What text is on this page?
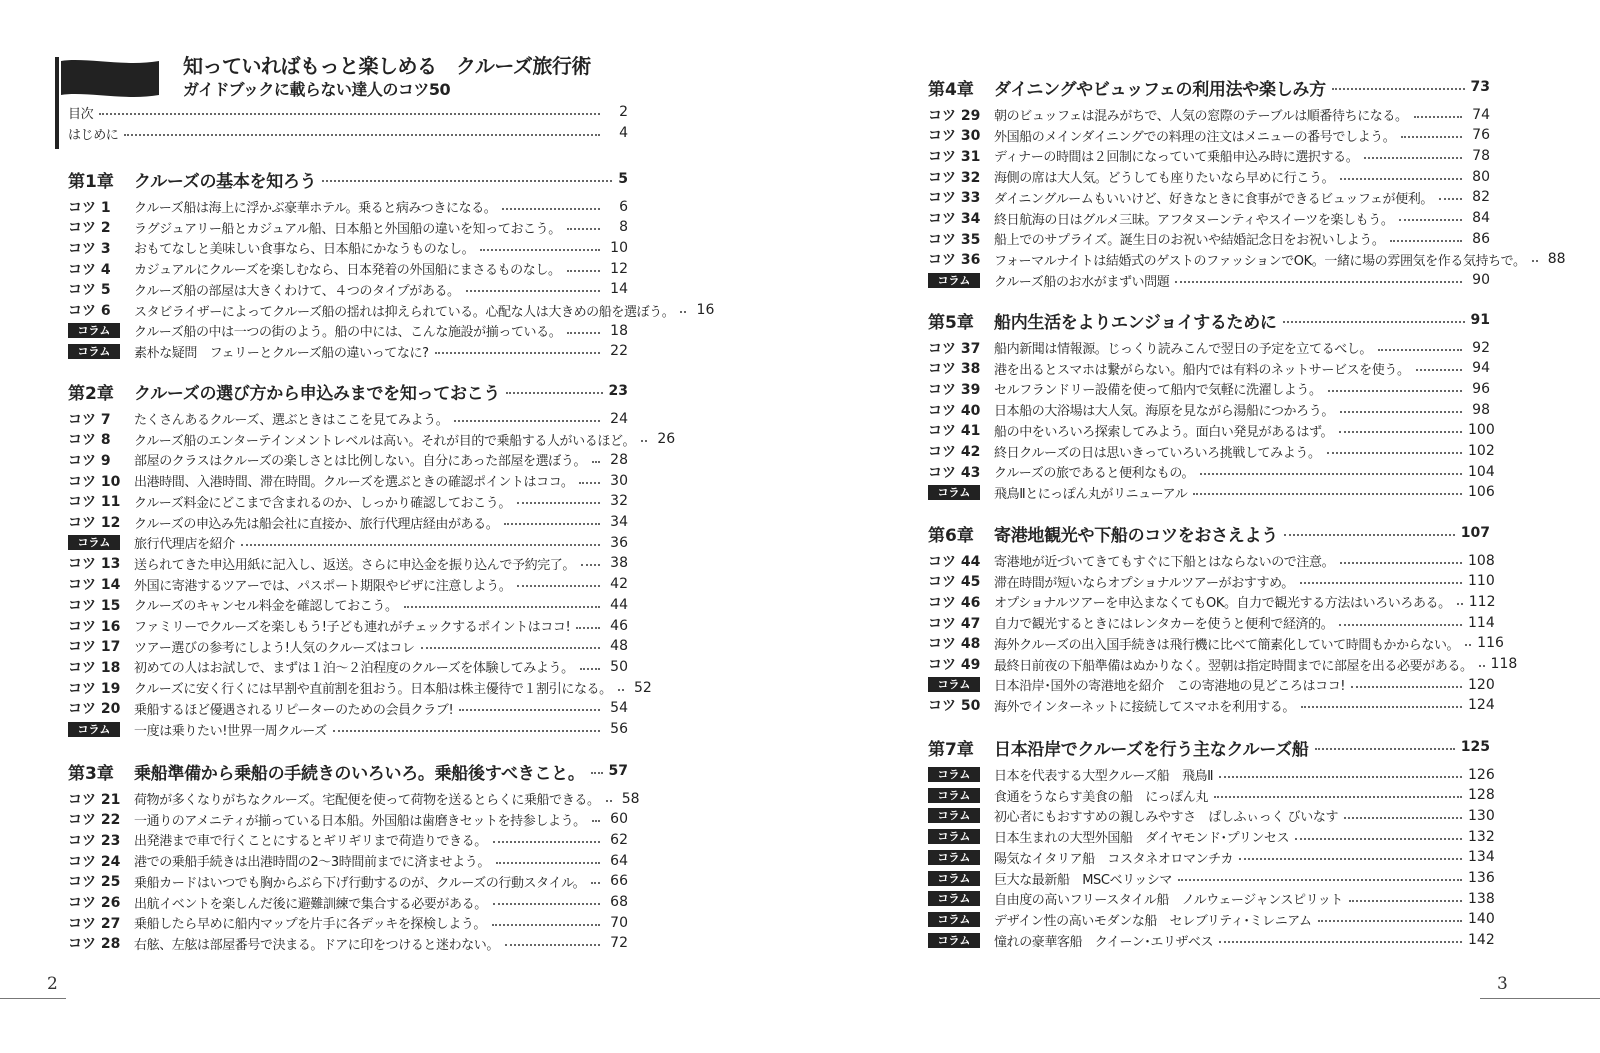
CONTENTS
知っていればもっと楽しめる　クルーズ旅行術
ガイドブックに載らない達人のコツ50
目次	2
はじめに	4
第1章	クルーズの基本を知ろう	5
コツ 1	クルーズ船は海上に浮かぶ豪華ホテル。乗ると病みつきになる。	6
コツ 2	ラグジュアリー船とカジュアル船、日本船と外国船の違いを知っておこう。	8
コツ 3	おもてなしと美味しい食事なら、日本船にかなうものなし。	10
コツ 4	カジュアルにクルーズを楽しむなら、日本発着の外国船にまさるものなし。	12
コツ 5	クルーズ船の部屋は大きくわけて、４つのタイプがある。	14
コツ 6	スタビライザーによってクルーズ船の揺れは抑えられている。心配な人は大きめの船を選ぼう。 16
コラム	クルーズ船の中は一つの街のよう。船の中には、こんな施設が揃っている。	18
コラム	素朴な疑問　フェリーとクルーズ船の違いってなに?	22
第2章	クルーズの選び方から申込みまでを知っておこう	23
コツ 7	たくさんあるクルーズ、選ぶときはここを見てみよう。	24
コツ 8	クルーズ船のエンターテインメントレベルは高い。それが目的で乗船する人がいるほど。 26
コツ 9	部屋のクラスはクルーズの楽しさとは比例しない。自分にあった部屋を選ぼう。 28
コツ 10	出港時間、入港時間、滞在時間。クルーズを選ぶときの確認ポイントはココ。	30
コツ 11	クルーズ料金にどこまで含まれるのか、しっかり確認しておこう。	32
コツ 12	クルーズの申込み先は船会社に直接か、旅行代理店経由がある。	34
コラム	旅行代理店を紹介	36
コツ 13	送られてきた申込用紙に記入し、返送。さらに申込金を振り込んで予約完了。	38
コツ 14	外国に寄港するツアーでは、パスポート期限やビザに注意しよう。	42
コツ 15	クルーズのキャンセル料金を確認しておこう。	44
コツ 16	ファミリーでクルーズを楽しもう!子ども連れがチェックするポイントはココ!	46
コツ 17	ツアー選びの参考にしよう!人気のクルーズはコレ	48
コツ 18	初めての人はお試しで、まずは１泊～２泊程度のクルーズを体験してみよう。	50
コツ 19	クルーズに安く行くには早割や直前割を狙おう。日本船は株主優待で１割引になる。 52
コツ 20	乗船するほど優遇されるリピーターのための会員クラブ!	54
コラム	一度は乗りたい!世界一周クルーズ	56
第3章	乗船準備から乗船の手続きのいろいろ。乗船後すべきこと。 57
コツ 21	荷物が多くなりがちなクルーズ。宅配便を使って荷物を送るとらくに乗船できる。 58
コツ 22	一通りのアメニティが揃っている日本船。外国船は歯磨きセットを持参しよう。 60
コツ 23	出発港まで車で行くことにするとギリギリまで荷造りできる。	62
コツ 24	港での乗船手続きは出港時間の2～3時間前までに済ませよう。	64
コツ 25	乗船カードはいつでも胸からぶら下げ行動するのが、クルーズの行動スタイル。 66
コツ 26	出航イベントを楽しんだ後に避難訓練で集合する必要がある。	68
コツ 27	乗船したら早めに船内マップを片手に各デッキを探検しよう。	70
コツ 28	右舷、左舷は部屋番号で決まる。ドアに印をつけると迷わない。	72
2
第4章	ダイニングやビュッフェの利用法や楽しみ方	73
コツ 29	朝のビュッフェは混みがちで、人気の窓際のテーブルは順番待ちになる。	74
コツ 30	外国船のメインダイニングでの料理の注文はメニューの番号でしよう。	76
コツ 31	ディナーの時間は２回制になっていて乗船申込み時に選択する。	78
コツ 32	海側の席は大人気。どうしても座りたいなら早めに行こう。	80
コツ 33	ダイニングルームもいいけど、好きなときに食事ができるビュッフェが便利。	82
コツ 34	終日航海の日はグルメ三昧。アフタヌーンティやスイーツを楽しもう。	84
コツ 35	船上でのサプライズ。誕生日のお祝いや結婚記念日をお祝いしよう。	86
コツ 36	フォーマルナイトは結婚式のゲストのファッションでOK。一緒に場の雰囲気を作る気持ちで。 88
コラム	クルーズ船のお水がまずい問題	90
第5章	船内生活をよりエンジョイするために	91
コツ 37	船内新聞は情報源。じっくり読みこんで翌日の予定を立てるべし。	92
コツ 38	港を出るとスマホは繋がらない。船内では有料のネットサービスを使う。	94
コツ 39	セルフランドリー設備を使って船内で気軽に洗濯しよう。	96
コツ 40	日本船の大浴場は大人気。海原を見ながら湯船につかろう。	98
コツ 41	船の中をいろいろ探索してみよう。面白い発見があるはず。	100
コツ 42	終日クルーズの日は思いきっていろいろ挑戦してみよう。	102
コツ 43	クルーズの旅であると便利なもの。	104
コラム	飛鳥Ⅱとにっぽん丸がリニューアル	106
第6章	寄港地観光や下船のコツをおさえよう	107
コツ 44	寄港地が近づいてきてもすぐに下船とはならないので注意。	108
コツ 45	滞在時間が短いならオプショナルツアーがおすすめ。	110
コツ 46	オプショナルツアーを申込まなくてもOK。自力で観光する方法はいろいろある。 112
コツ 47	自力で観光するときにはレンタカーを使うと便利で経済的。	114
コツ 48	海外クルーズの出入国手続きは飛行機に比べて簡素化していて時間もかからない。 116
コツ 49	最終日前夜の下船準備はぬかりなく。翌朝は指定時間までに部屋を出る必要がある。 118
コラム	日本沿岸･国外の寄港地を紹介　この寄港地の見どころはココ!	120
コツ 50	海外でインターネットに接続してスマホを利用する。	124
第7章	日本沿岸でクルーズを行う主なクルーズ船	125
コラム	日本を代表する大型クルーズ船　飛鳥Ⅱ	126
コラム	食通をうならす美食の船　にっぽん丸	128
コラム	初心者にもおすすめの親しみやすさ　ぱしふぃっく びいなす	130
コラム	日本生まれの大型外国船　ダイヤモンド･プリンセス	132
コラム	陽気なイタリア船　コスタネオロマンチカ	134
コラム	巨大な最新船　MSCベリッシマ	136
コラム	自由度の高いフリースタイル船　ノルウェージャンスピリット	138
コラム	デザイン性の高いモダンな船　セレブリティ･ミレニアム	140
コラム	憧れの豪華客船　クイーン･エリザベス	142
3
